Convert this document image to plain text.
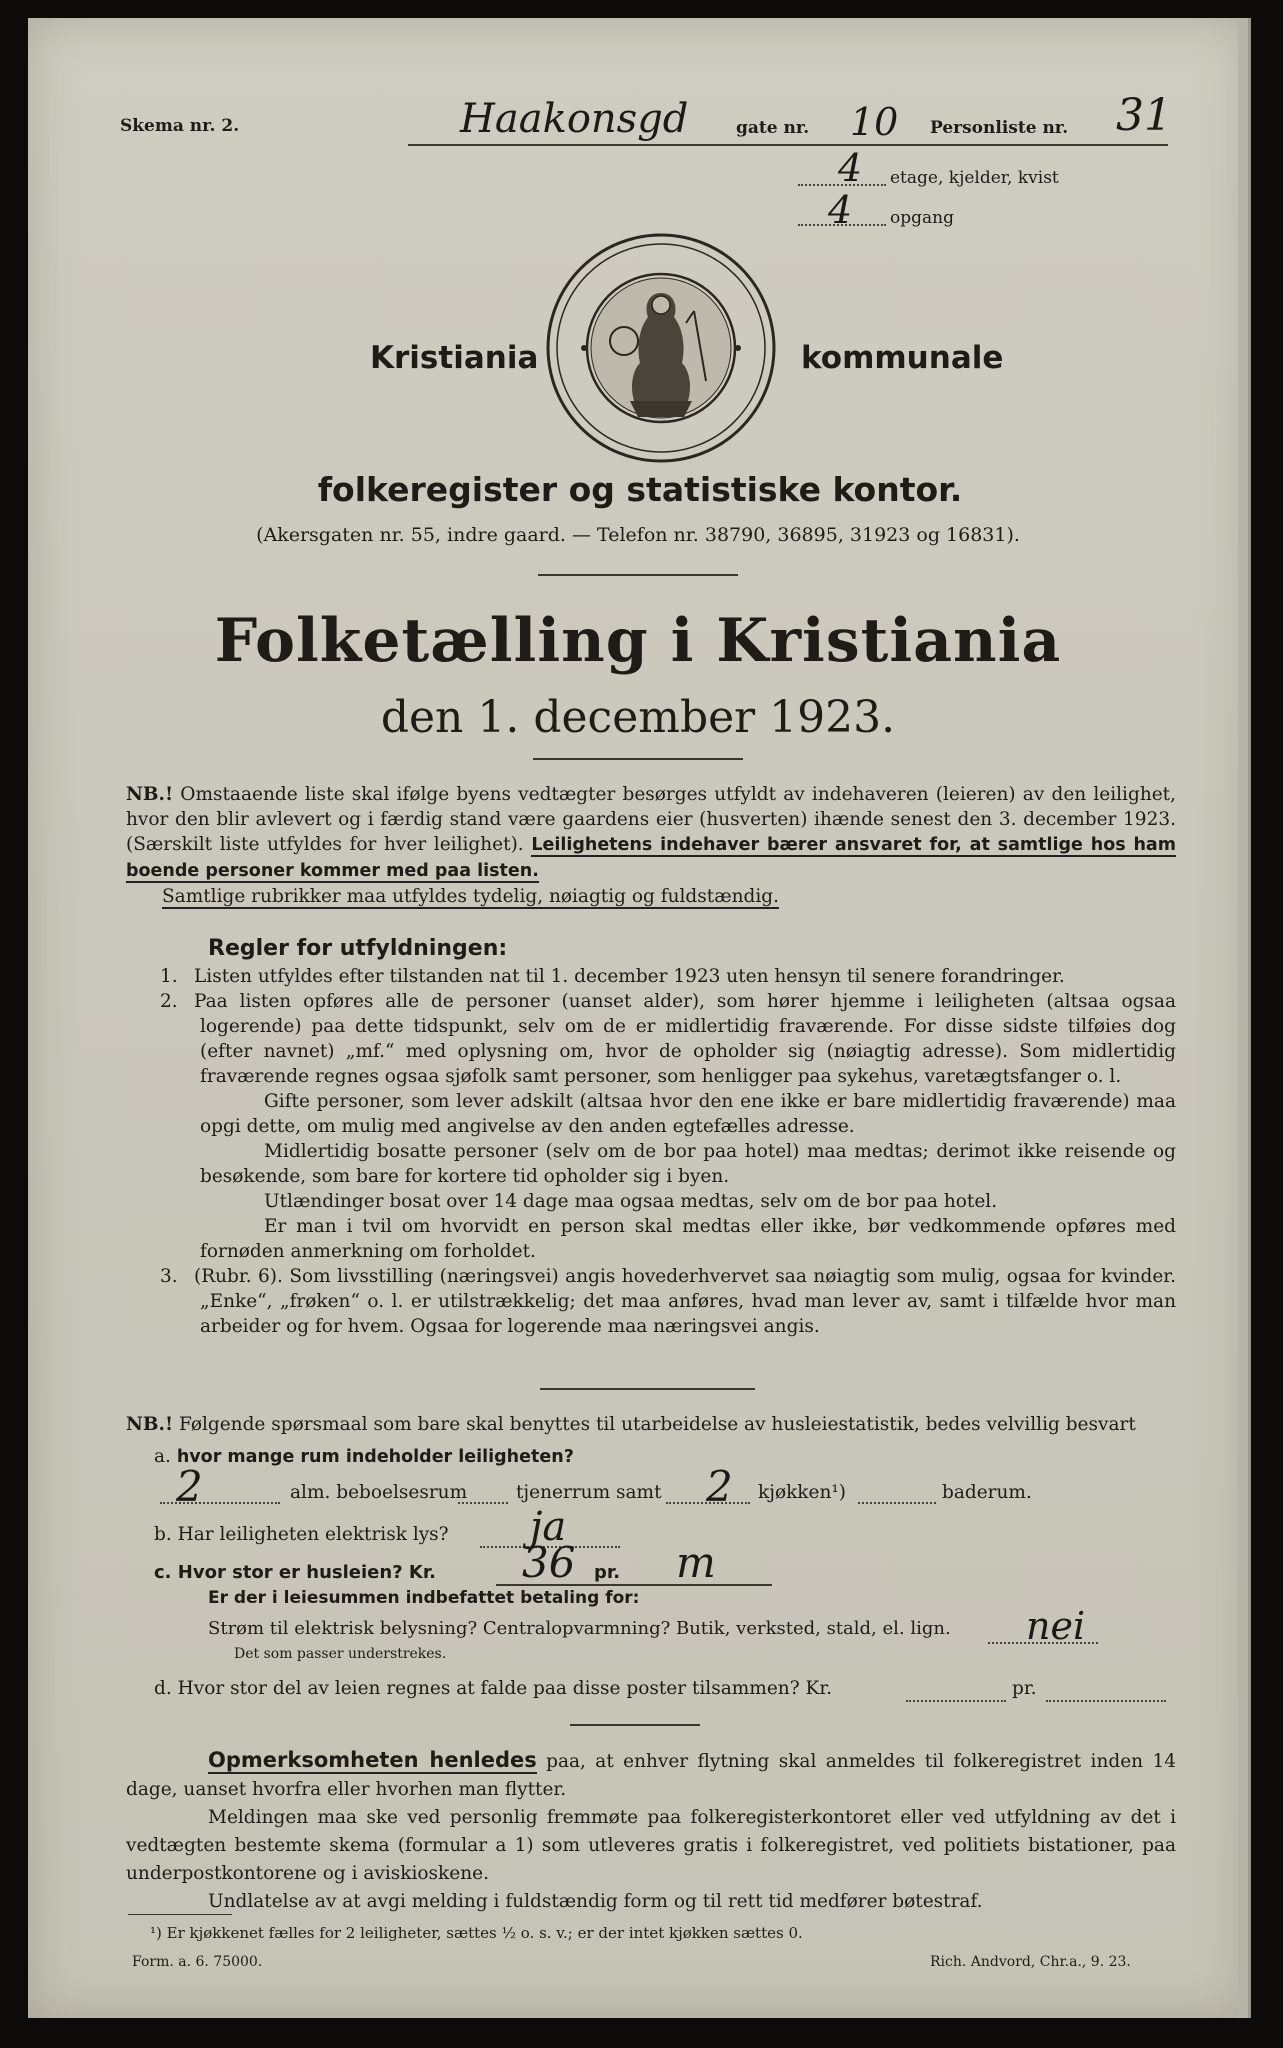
Skema nr. 2.	Haakonsgd	gate nr. 10 Personliste nr. 31
4 etage, kjelder, kvist
4 opgang
Kristiania	kommunale
folkeregister og statistiske kontor.
(Akersgaten nr. 55, indre gaard. — Telefon nr. 38790, 36895, 31923 og 16831).
Folketælling i Kristiania
den 1. december 1923.

NB.! Omstaaende liste skal ifølge byens vedtægter besørges utfyldt av indehaveren (leieren) av den leilighet, hvor den blir avlevert og i færdig stand være gaardens eier (husverten) ihænde senest den 3. december 1923. (Særskilt liste utfyldes for hver leilighet). Leilighetens indehaver bærer ansvaret for, at samtlige hos ham boende personer kommer med paa listen.

Samtlige rubrikker maa utfyldes tydelig, nøiagtig og fuldstændig.

Regler for utfyldningen:

1. Listen utfyldes efter tilstanden nat til 1. december 1923 uten hensyn til senere forandringer.

2. Paa listen opføres alle de personer (uanset alder), som hører hjemme i leiligheten (altsaa ogsaa logerende) paa dette tidspunkt, selv om de er midlertidig fraværende. For disse sidste tilføies dog (efter navnet) „mf.“ med oplysning om, hvor de opholder sig (nøiagtig adresse). Som midlertidig fraværende regnes ogsaa sjøfolk samt personer, som henligger paa sykehus, varetægtsfanger o. l.

Gifte personer, som lever adskilt (altsaa hvor den ene ikke er bare midlertidig fraværende) maa opgi dette, om mulig med angivelse av den anden egtefælles adresse.

Midlertidig bosatte personer (selv om de bor paa hotel) maa medtas; derimot ikke reisende og besøkende, som bare for kortere tid opholder sig i byen.

Utlændinger bosat over 14 dage maa ogsaa medtas, selv om de bor paa hotel.

Er man i tvil om hvorvidt en person skal medtas eller ikke, bør vedkommende opføres med fornøden anmerkning om forholdet.

3. (Rubr. 6). Som livsstilling (næringsvei) angis hovederhvervet saa nøiagtig som mulig, ogsaa for kvinder. „Enke“, „frøken“ o. l. er utilstrækkelig; det maa anføres, hvad man lever av, samt i tilfælde hvor man arbeider og for hvem. Ogsaa for logerende maa næringsvei angis.

NB.! Følgende spørsmaal som bare skal benyttes til utarbeidelse av husleiestatistik, bedes velvillig besvart

a. hvor mange rum indeholder leiligheten?
2	alm. beboelsesrum	tjenerrum samt 2 kjøkken¹)	baderum.
b. Har leiligheten elektrisk lys? ja
c. Hvor stor er husleien? Kr. 36 pr. m
Er der i leiesummen indbefattet betaling for:
Strøm til elektrisk belysning? Centralopvarmning? Butik, verksted, stald, el. lign. nei
Det som passer understrekes.
d. Hvor stor del av leien regnes at falde paa disse poster tilsammen? Kr.	pr.

Opmerksomheten henledes paa, at enhver flytning skal anmeldes til folkeregistret inden 14 dage, uanset hvorfra eller hvorhen man flytter.

Meldingen maa ske ved personlig fremmøte paa folkeregisterkontoret eller ved utfyldning av det i vedtægten bestemte skema (formular a 1) som utleveres gratis i folkeregistret, ved politiets bistationer, paa underpostkontorene og i aviskioskene.

Undlatelse av at avgi melding i fuldstændig form og til rett tid medfører bøtestraf.

¹) Er kjøkkenet fælles for 2 leiligheter, sættes ½ o. s. v.; er der intet kjøkken sættes 0.
Form. a. 6. 75000.	Rich. Andvord, Chr.a., 9. 23.
